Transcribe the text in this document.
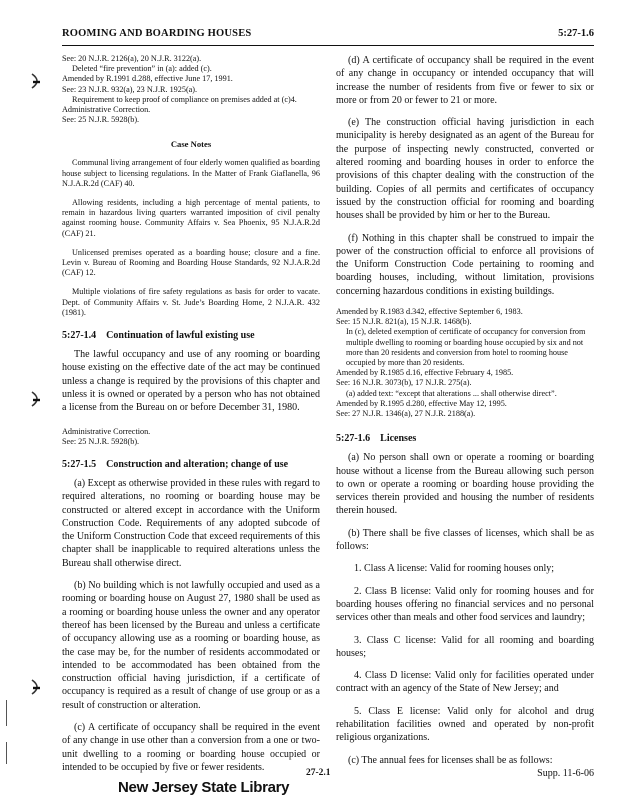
ROOMING AND BOARDING HOUSES	5:27-1.6

See: 20 N.J.R. 2126(a), 20 N.J.R. 3122(a).

Deleted “fire prevention” in (a): added (c).

Amended by R.1991 d.288, effective June 17, 1991.

See: 23 N.J.R. 932(a), 23 N.J.R. 1925(a).

Requirement to keep proof of compliance on premises added at (c)4.

Administrative Correction.

See: 25 N.J.R. 5928(b).

Case Notes

Communal living arrangement of four elderly women qualified as boarding house subject to licensing regulations. In the Matter of Frank Giaflanella, 96 N.J.A.R.2d (CAF) 40.

Allowing residents, including a high percentage of mental patients, to remain in hazardous living quarters warranted imposition of civil penalty against rooming house. Community Affairs v. Sea Phoenix, 95 N.J.A.R.2d (CAF) 21.

Unlicensed premises operated as a boarding house; closure and a fine. Levin v. Bureau of Rooming and Boarding House Standards, 92 N.J.A.R.2d (CAF) 12.

Multiple violations of fire safety regulations as basis for order to vacate. Dept. of Community Affairs v. St. Jude’s Boarding Home, 2 N.J.A.R. 432 (1981).

5:27-1.4 Continuation of lawful existing use

The lawful occupancy and use of any rooming or boarding house existing on the effective date of the act may be continued unless a change is required by the provisions of this chapter and unless it is owned or operated by a person who has not obtained a license from the Bureau on or before December 31, 1980.

Administrative Correction.

See: 25 N.J.R. 5928(b).

5:27-1.5 Construction and alteration; change of use

(a) Except as otherwise provided in these rules with regard to required alterations, no rooming or boarding house may be constructed or altered except in accordance with the Uniform Construction Code. Requirements of any adopted subcode of the Uniform Construction Code that exceed requirements of this chapter shall be inapplicable to required alterations unless the Bureau shall otherwise direct.

(b) No building which is not lawfully occupied and used as a rooming or boarding house on August 27, 1980 shall be used as a rooming or boarding house unless the owner and any operator thereof has been licensed by the Bureau and unless a certificate of occupancy allowing use as a rooming or boarding house, as the case may be, for the number of residents accommodated or intended to be accommodated has been obtained from the construction official having jurisdiction, if a certificate of occupancy is required as a result of change of use group or as a result of construction or alteration.

(c) A certificate of occupancy shall be required in the event of any change in use other than a conversion from a one or two-unit dwelling to a rooming or boarding house occupied or intended to be occupied by five or fewer residents.

(d) A certificate of occupancy shall be required in the event of any change in occupancy or intended occupancy that will increase the number of residents from five or fewer to six or more or from 20 or fewer to 21 or more.

(e) The construction official having jurisdiction in each municipality is hereby designated as an agent of the Bureau for the purpose of inspecting newly constructed, converted or altered rooming and boarding houses in order to enforce the provisions of this chapter dealing with the construction of the building. Copies of all permits and certificates of occupancy issued by the construction official for rooming and boarding houses shall be provided by him or her to the Bureau.

(f) Nothing in this chapter shall be construed to impair the power of the construction official to enforce all provisions of the Uniform Construction Code pertaining to rooming and boarding houses, including, without limitation, provisions concerning hazardous conditions in existing buildings.

Amended by R.1983 d.342, effective September 6, 1983.

See: 15 N.J.R. 821(a), 15 N.J.R. 1468(b).

In (c), deleted exemption of certificate of occupancy for conversion from multiple dwelling to rooming or boarding house occupied by six and not more than 20 residents and conversion from hotel to rooming house occupied by more than 20 residents.

Amended by R.1985 d.16, effective February 4, 1985.

See: 16 N.J.R. 3073(b), 17 N.J.R. 275(a).

(a) added text: “except that alterations ... shall otherwise direct”.

Amended by R.1995 d.280, effective May 12, 1995.

See: 27 N.J.R. 1346(a), 27 N.J.R. 2188(a).

5:27-1.6 Licenses

(a) No person shall own or operate a rooming or boarding house without a license from the Bureau allowing such person to own or operate a rooming or boarding house providing the services therein provided and housing the number of residents therein housed.

(b) There shall be five classes of licenses, which shall be as follows:

1. Class A license: Valid for rooming houses only;

2. Class B license: Valid only for rooming houses and for boarding houses offering no financial services and no personal services other than meals and other food services and laundry;

3. Class C license: Valid for all rooming and boarding houses;

4. Class D license: Valid only for facilities operated under contract with an agency of the State of New Jersey; and

5. Class E license: Valid only for alcohol and drug rehabilitation facilities owned and operated by non-profit religious organizations.

(c) The annual fees for licenses shall be as follows:

27-2.1	Supp. 11-6-06
New Jersey State Library
